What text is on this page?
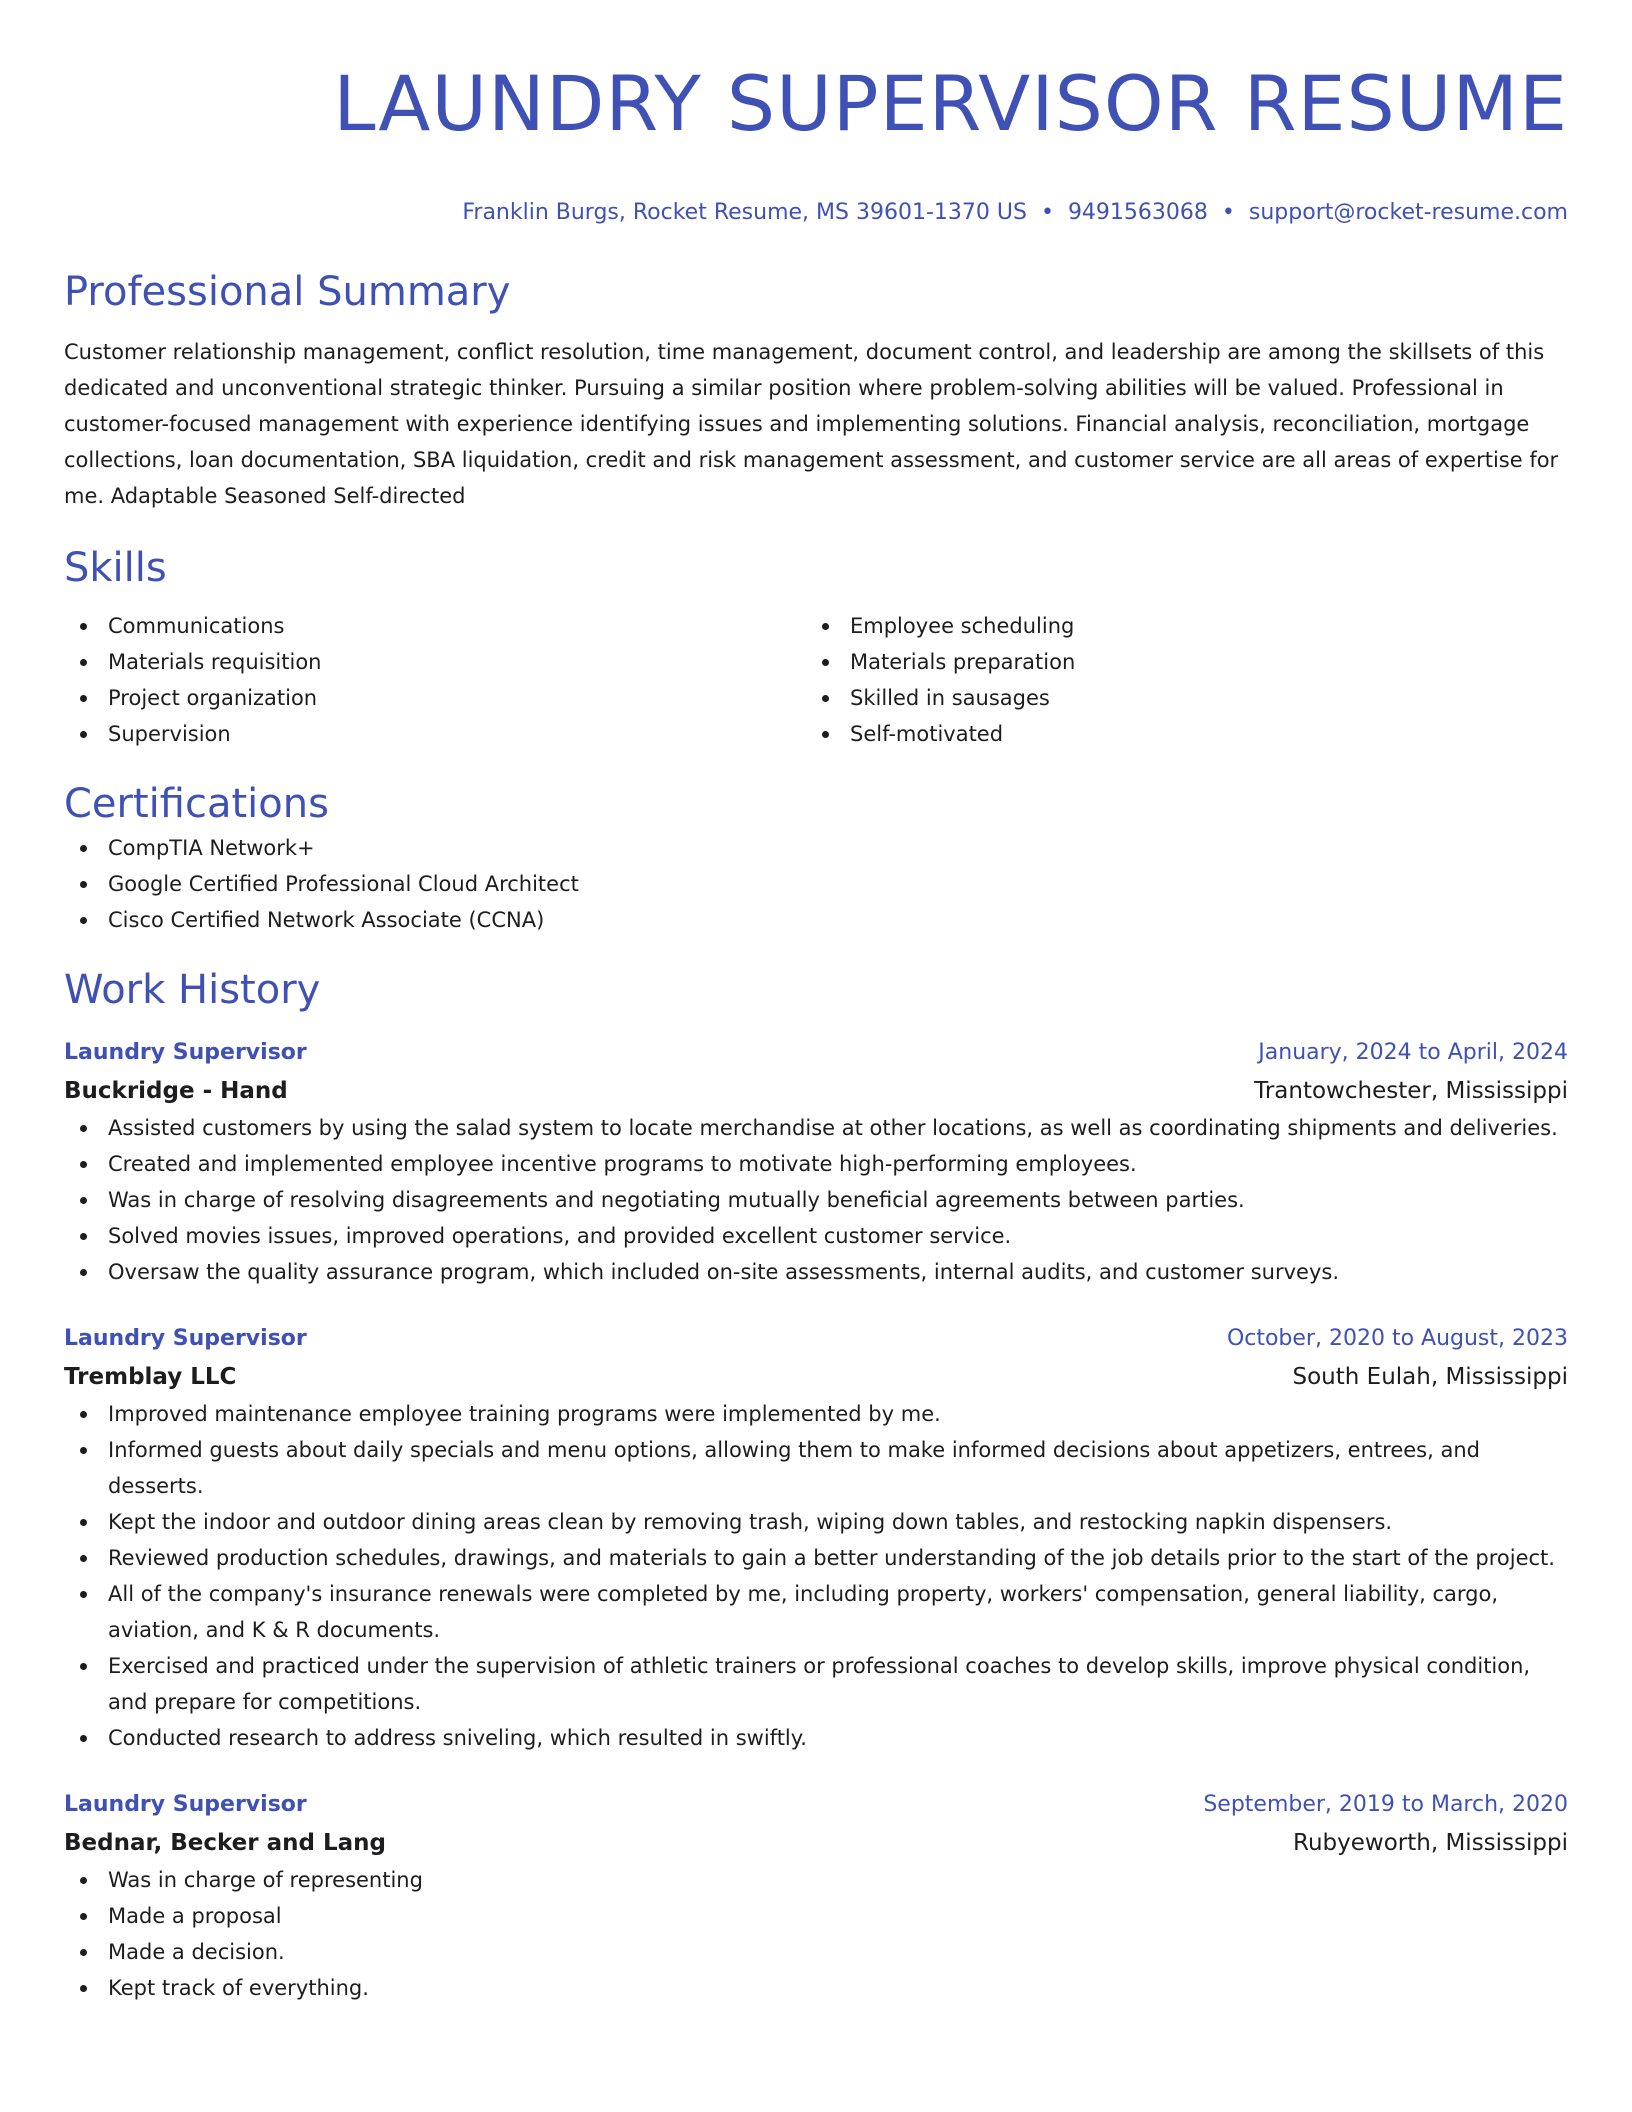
LAUNDRY SUPERVISOR RESUME
Franklin Burgs, Rocket Resume, MS 39601-1370 US • 9491563068 • support@rocket-resume.com
Professional Summary
Customer relationship management, conflict resolution, time management, document control, and leadership are among the skillsets of this dedicated and unconventional strategic thinker. Pursuing a similar position where problem-solving abilities will be valued. Professional in customer-focused management with experience identifying issues and implementing solutions. Financial analysis, reconciliation, mortgage collections, loan documentation, SBA liquidation, credit and risk management assessment, and customer service are all areas of expertise for me. Adaptable Seasoned Self-directed
Skills
Communications
Materials requisition
Project organization
Supervision
Employee scheduling
Materials preparation
Skilled in sausages
Self-motivated
Certifications
CompTIA Network+
Google Certified Professional Cloud Architect
Cisco Certified Network Associate (CCNA)
Work History
Laundry Supervisor	January, 2024 to April, 2024
Buckridge - Hand	Trantowchester, Mississippi
Assisted customers by using the salad system to locate merchandise at other locations, as well as coordinating shipments and deliveries.
Created and implemented employee incentive programs to motivate high-performing employees.
Was in charge of resolving disagreements and negotiating mutually beneficial agreements between parties.
Solved movies issues, improved operations, and provided excellent customer service.
Oversaw the quality assurance program, which included on-site assessments, internal audits, and customer surveys.
Laundry Supervisor	October, 2020 to August, 2023
Tremblay LLC	South Eulah, Mississippi
Improved maintenance employee training programs were implemented by me.
Informed guests about daily specials and menu options, allowing them to make informed decisions about appetizers, entrees, and desserts.
Kept the indoor and outdoor dining areas clean by removing trash, wiping down tables, and restocking napkin dispensers.
Reviewed production schedules, drawings, and materials to gain a better understanding of the job details prior to the start of the project.
All of the company's insurance renewals were completed by me, including property, workers' compensation, general liability, cargo, aviation, and K & R documents.
Exercised and practiced under the supervision of athletic trainers or professional coaches to develop skills, improve physical condition, and prepare for competitions.
Conducted research to address sniveling, which resulted in swiftly.
Laundry Supervisor	September, 2019 to March, 2020
Bednar, Becker and Lang	Rubyeworth, Mississippi
Was in charge of representing
Made a proposal
Made a decision.
Kept track of everything.
